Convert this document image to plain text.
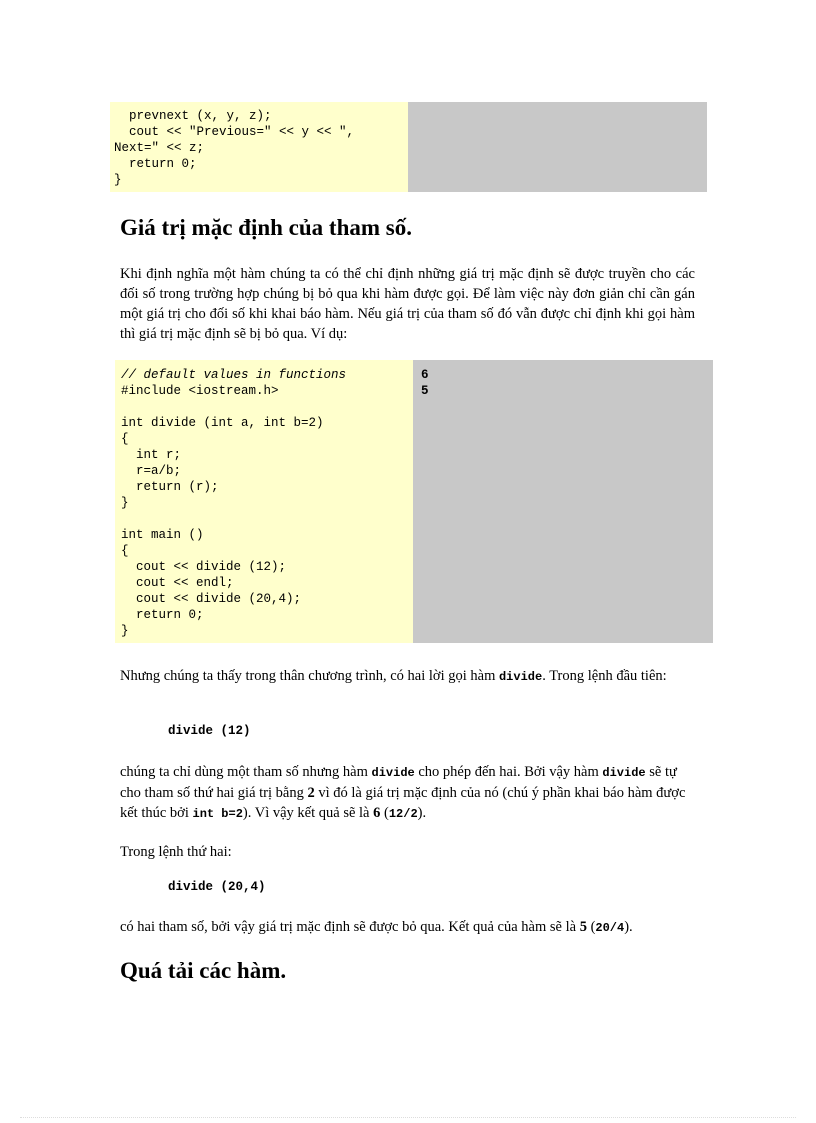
prevnext (x, y, z);
cout << "Previous=" << y << ",
Next=" << z;
return 0;
}
Giá trị mặc định của tham số.

Khi định nghĩa một hàm chúng ta có thể chỉ định những giá trị mặc định sẽ được truyền cho các đối số trong trường hợp chúng bị bỏ qua khi hàm được gọi. Để làm việc này đơn giản chỉ cần gán một giá trị cho đối số khi khai báo hàm. Nếu giá trị của tham số đó vẫn được chỉ định khi gọi hàm thì giá trị mặc định sẽ bị bỏ qua. Ví dụ:

// default values in functions
#include <iostream.h>

int divide (int a, int b=2)
{
int r;
r=a/b;
return (r);
}

int main ()
{
cout << divide (12);
cout << endl;
cout << divide (20,4);
return 0;
}
6
5

Nhưng chúng ta thấy trong thân chương trình, có hai lời gọi hàm divide. Trong lệnh đầu tiên:

divide (12)

chúng ta chỉ dùng một tham số nhưng hàm divide cho phép đến hai. Bởi vậy hàm divide sẽ tự cho tham số thứ hai giá trị bằng 2 vì đó là giá trị mặc định của nó (chú ý phần khai báo hàm được kết thúc bởi int b=2). Vì vậy kết quả sẽ là 6 (12/2).

Trong lệnh thứ hai:

divide (20,4)

có hai tham số, bởi vậy giá trị mặc định sẽ được bỏ qua. Kết quả của hàm sẽ là 5 (20/4).

Quá tải các hàm.
